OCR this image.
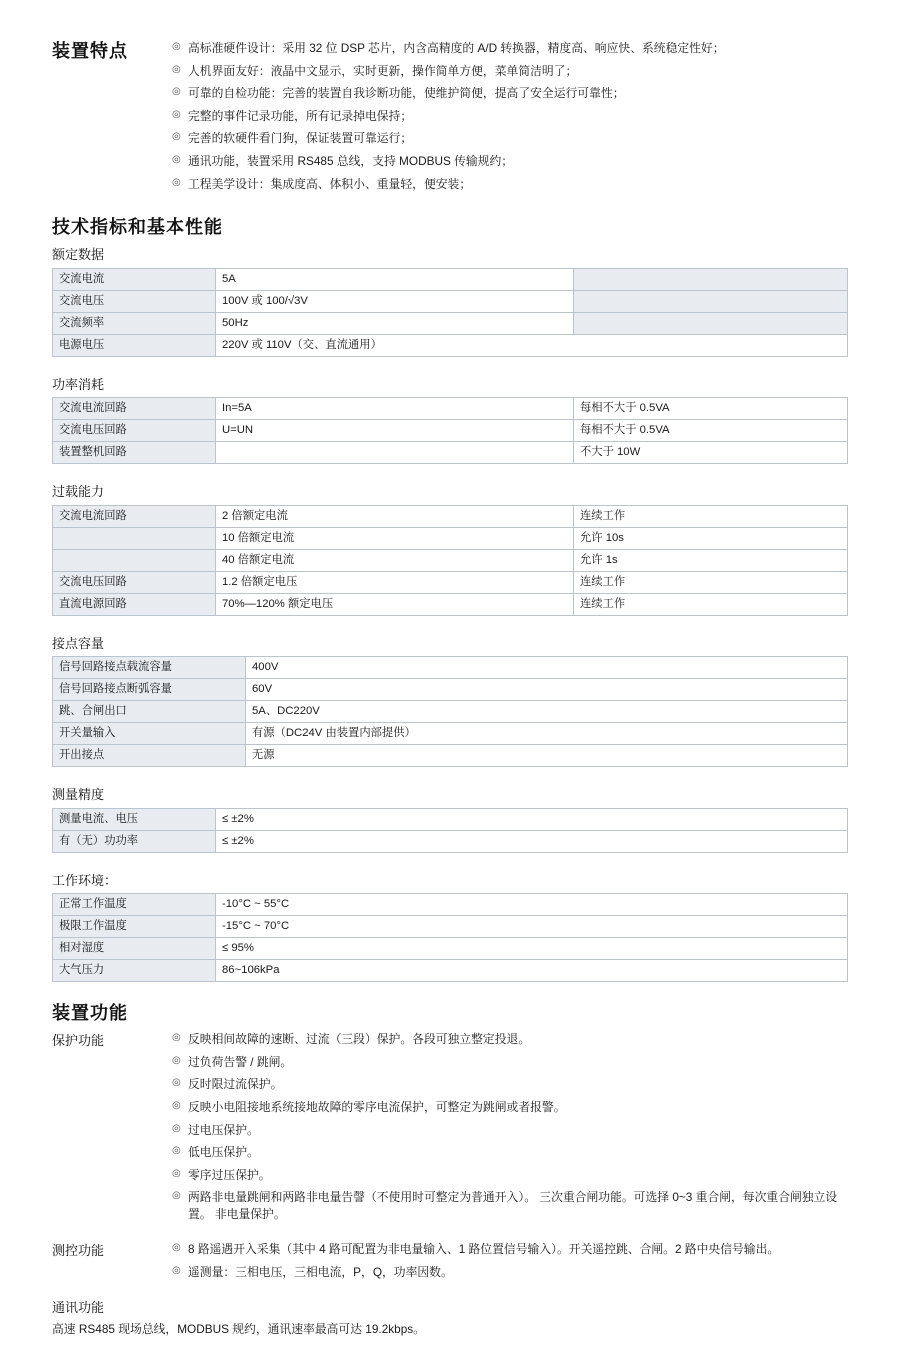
装置特点	◎ 高标准硬件设计：采用 32 位 DSP 芯片，内含高精度的 A/D 转换器，精度高、响应快、系统稳定性好；
◎ 人机界面友好：液晶中文显示，实时更新，操作简单方便，菜单简洁明了；
◎ 可靠的自检功能：完善的装置自我诊断功能，使维护简便，提高了安全运行可靠性；
◎ 完整的事件记录功能，所有记录掉电保持；
◎ 完善的软硬件看门狗，保证装置可靠运行；
◎ 通讯功能，装置采用 RS485 总线，支持 MODBUS 传输规约；
◎ 工程美学设计：集成度高、体积小、重量轻，便安装；
技术指标和基本性能
额定数据
交流电流	5A	
交流电压	100V 或 100/√3V	
交流频率	50Hz	
电源电压	220V 或 110V（交、直流通用）	
功率消耗
交流电流回路	In=5A	每相不大于 0.5VA
交流电压回路	U=UN	每相不大于 0.5VA
装置整机回路		不大于 10W
过载能力
交流电流回路	2 倍额定电流	连续工作
	10 倍额定电流	允许 10s
	40 倍额定电流	允许 1s
交流电压回路	1.2 倍额定电压	连续工作
直流电源回路	70%—120% 额定电压	连续工作
接点容量
信号回路接点载流容量	400V
信号回路接点断弧容量	60V
跳、合闸出口	5A、DC220V
开关量输入	有源（DC24V 由装置内部提供）
开出接点	无源
测量精度
测量电流、电压	≤ ±2%
有（无）功功率	≤ ±2%
工作环境：
正常工作温度	-10°C ~ 55°C
极限工作温度	-15°C ~ 70°C
相对湿度	≤ 95%
大气压力	86~106kPa
装置功能
保护功能	◎ 反映相间故障的速断、过流（三段）保护。各段可独立整定投退。
◎ 过负荷告警 / 跳闸。
◎ 反时限过流保护。
◎ 反映小电阻接地系统接地故障的零序电流保护，可整定为跳闸或者报警。
◎ 过电压保护。
◎ 低电压保护。
◎ 零序过压保护。
◎ 两路非电量跳闸和两路非电量告謦（不使用时可整定为普通开入）。 三次重合闸功能。可选择 0~3 重合闸，每次重合闸独立设置。 非电量保护。
测控功能	◎ 8 路遥遇开入采集（其中 4 路可配置为非电量输入、1 路位置信号输入）。开关遥控跳、合闸。2 路中央信号输出。
◎ 遥测量：三相电压，三相电流，P，Q，功率因数。
通讯功能

高速 RS485 现场总线，MODBUS 规约，通讯速率最高可达 19.2kbps。
